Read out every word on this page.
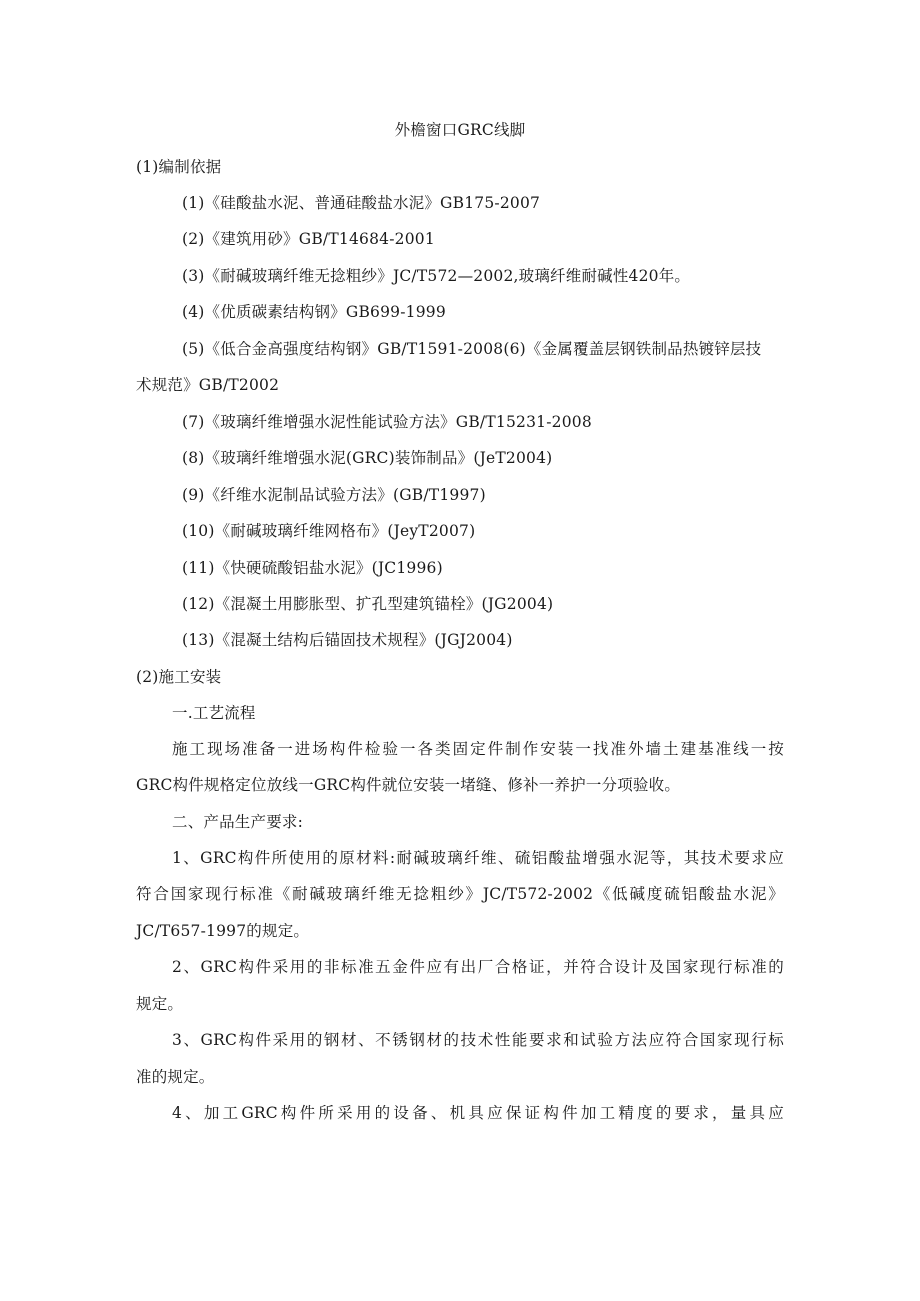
外檐窗口GRC线脚
(1)编制依据
(1)《硅酸盐水泥、普通硅酸盐水泥》GB175-2007
(2)《建筑用砂》GB/T14684-2001
(3)《耐碱玻璃纤维无捻粗纱》JC/T572—2002,玻璃纤维耐碱性420年。
(4)《优质碳素结构钢》GB699-1999
(5)《低合金高强度结构钢》GB/T1591-2008(6)《金属覆盖层钢铁制品热镀锌层技
术规范》GB/T2002
(7)《玻璃纤维增强水泥性能试验方法》GB/T15231-2008
(8)《玻璃纤维增强水泥(GRC)装饰制品》(JeT2004)
(9)《纤维水泥制品试验方法》(GB/T1997)
(10)《耐碱玻璃纤维网格布》(JeyT2007)
(11)《快硬硫酸铝盐水泥》(JC1996)
(12)《混凝土用膨胀型、扩孔型建筑锚栓》(JG2004)
(13)《混凝土结构后锚固技术规程》(JGJ2004)
(2)施工安装
一.工艺流程
施工现场准备一进场构件检验一各类固定件制作安装一找准外墙土建基准线一按
GRC构件规格定位放线一GRC构件就位安装一堵缝、修补一养护一分项验收。
二、产品生产要求:
1、GRC构件所使用的原材料:耐碱玻璃纤维、硫铝酸盐增强水泥等，其技术要求应
符合国家现行标准《耐碱玻璃纤维无捻粗纱》JC/T572-2002《低碱度硫铝酸盐水泥》
JC/T657-1997的规定。
2、GRC构件采用的非标准五金件应有出厂合格证，并符合设计及国家现行标准的
规定。
3、GRC构件采用的钢材、不锈钢材的技术性能要求和试验方法应符合国家现行标
准的规定。
4、加工GRC构件所采用的设备、机具应保证构件加工精度的要求，量具应
